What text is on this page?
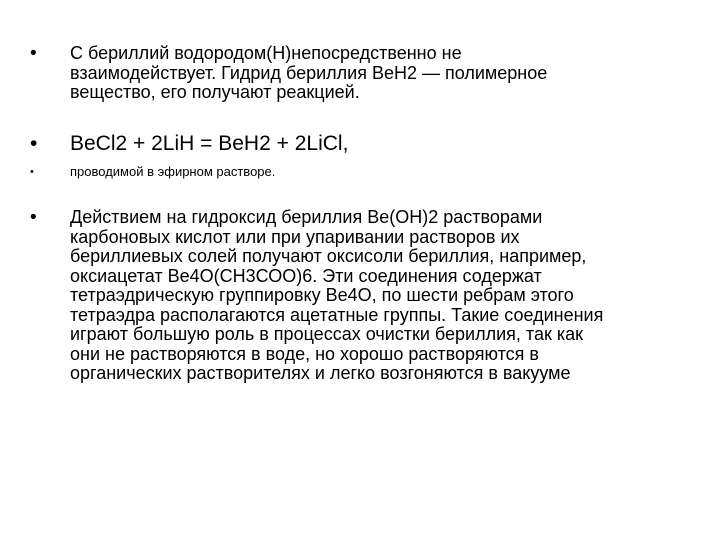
•	С бериллий водородом(Н)непосредственно не
взаимодействует. Гидрид бериллия ВеН2 — полимерное
вещество, его получают реакцией.
•	BeCl2 + 2LiH = BeH2 + 2LiCl,
•	проводимой в эфирном растворе.
•	Действием на гидроксид бериллия Ве(ОН)2 растворами
карбоновых кислот или при упаривании растворов их
бериллиевых солей получают оксисоли бериллия, например,
оксиацетат Ве4О(СН3СОО)6. Эти соединения содержат
тетраэдрическую группировку Ве4О, по шести ребрам этого
тетраэдра располагаются ацетатные группы. Такие соединения
играют большую роль в процессах очистки бериллия, так как
они не растворяются в воде, но хорошо растворяются в
органических растворителях и легко возгоняются в вакууме
